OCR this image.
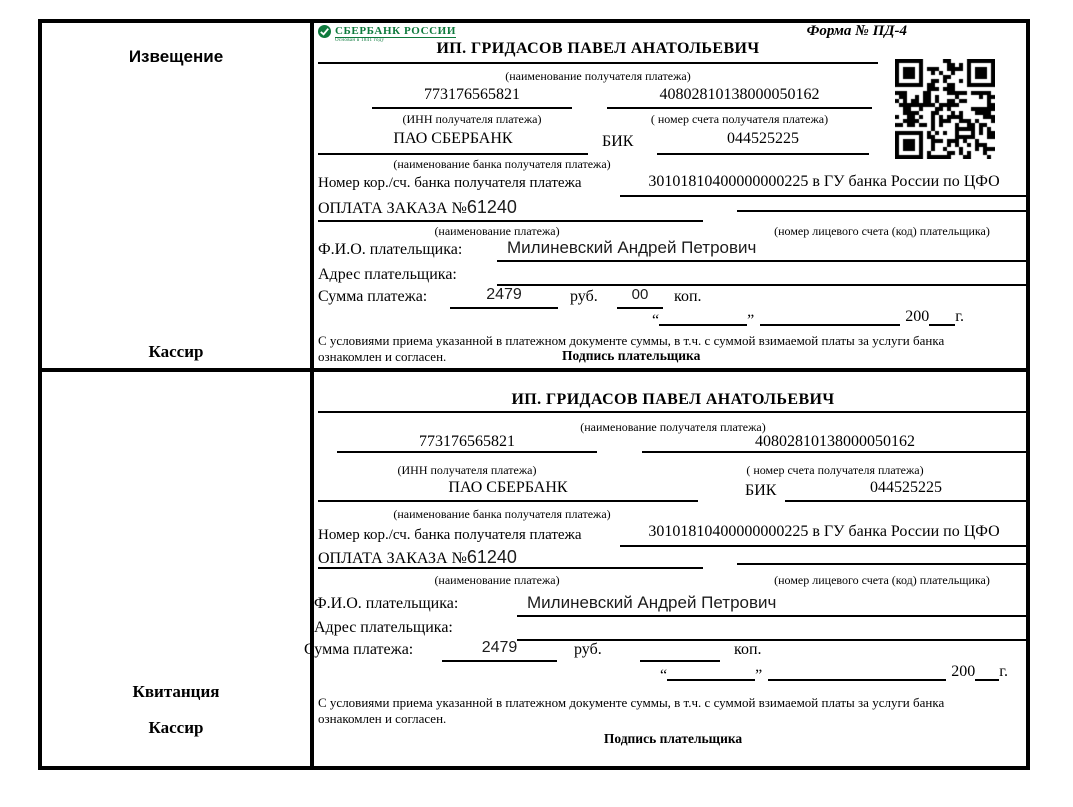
Извещение
Кассир
Квитанция
Кассир
СБЕРБАНК РОССИИ
Основан в 1841 году
Форма № ПД-4
ИП. ГРИДАСОВ ПАВЕЛ АНАТОЛЬЕВИЧ
(наименование получателя платежа)
773176565821	40802810138000050162
(ИНН получателя платежа)	( номер счета получателя платежа)
ПАО СБЕРБАНК	БИК	044525225
(наименование банка получателя платежа)
Номер кор./сч. банка получателя платежа	30101810400000000225 в ГУ банка России по ЦФО
ОПЛАТА ЗАКАЗА №61240
(наименование платежа)	(номер лицевого счета (код) плательщика)
Ф.И.О. плательщика:	Милиневский Андрей Петрович
Адрес плательщика:
Сумма платежа:	2479	руб.	00	коп.
“	”	200 г.
С условиями приема указанной в платежном документе суммы, в т.ч. с суммой взимаемой платы за услуги банка
ознакомлен и согласен.	Подпись плательщика
ИП. ГРИДАСОВ ПАВЕЛ АНАТОЛЬЕВИЧ
(наименование получателя платежа)
773176565821	40802810138000050162
(ИНН получателя платежа)	( номер счета получателя платежа)
ПАО СБЕРБАНК	БИК	044525225
(наименование банка получателя платежа)
Номер кор./сч. банка получателя платежа	30101810400000000225 в ГУ банка России по ЦФО
ОПЛАТА ЗАКАЗА №61240
(наименование платежа)	(номер лицевого счета (код) плательщика)
Ф.И.О. плательщика:	Милиневский Андрей Петрович
Адрес плательщика:
Сумма платежа:	2479	руб.	коп.
“	”	200 г.
С условиями приема указанной в платежном документе суммы, в т.ч. с суммой взимаемой платы за услуги банка
ознакомлен и согласен.
Подпись плательщика
